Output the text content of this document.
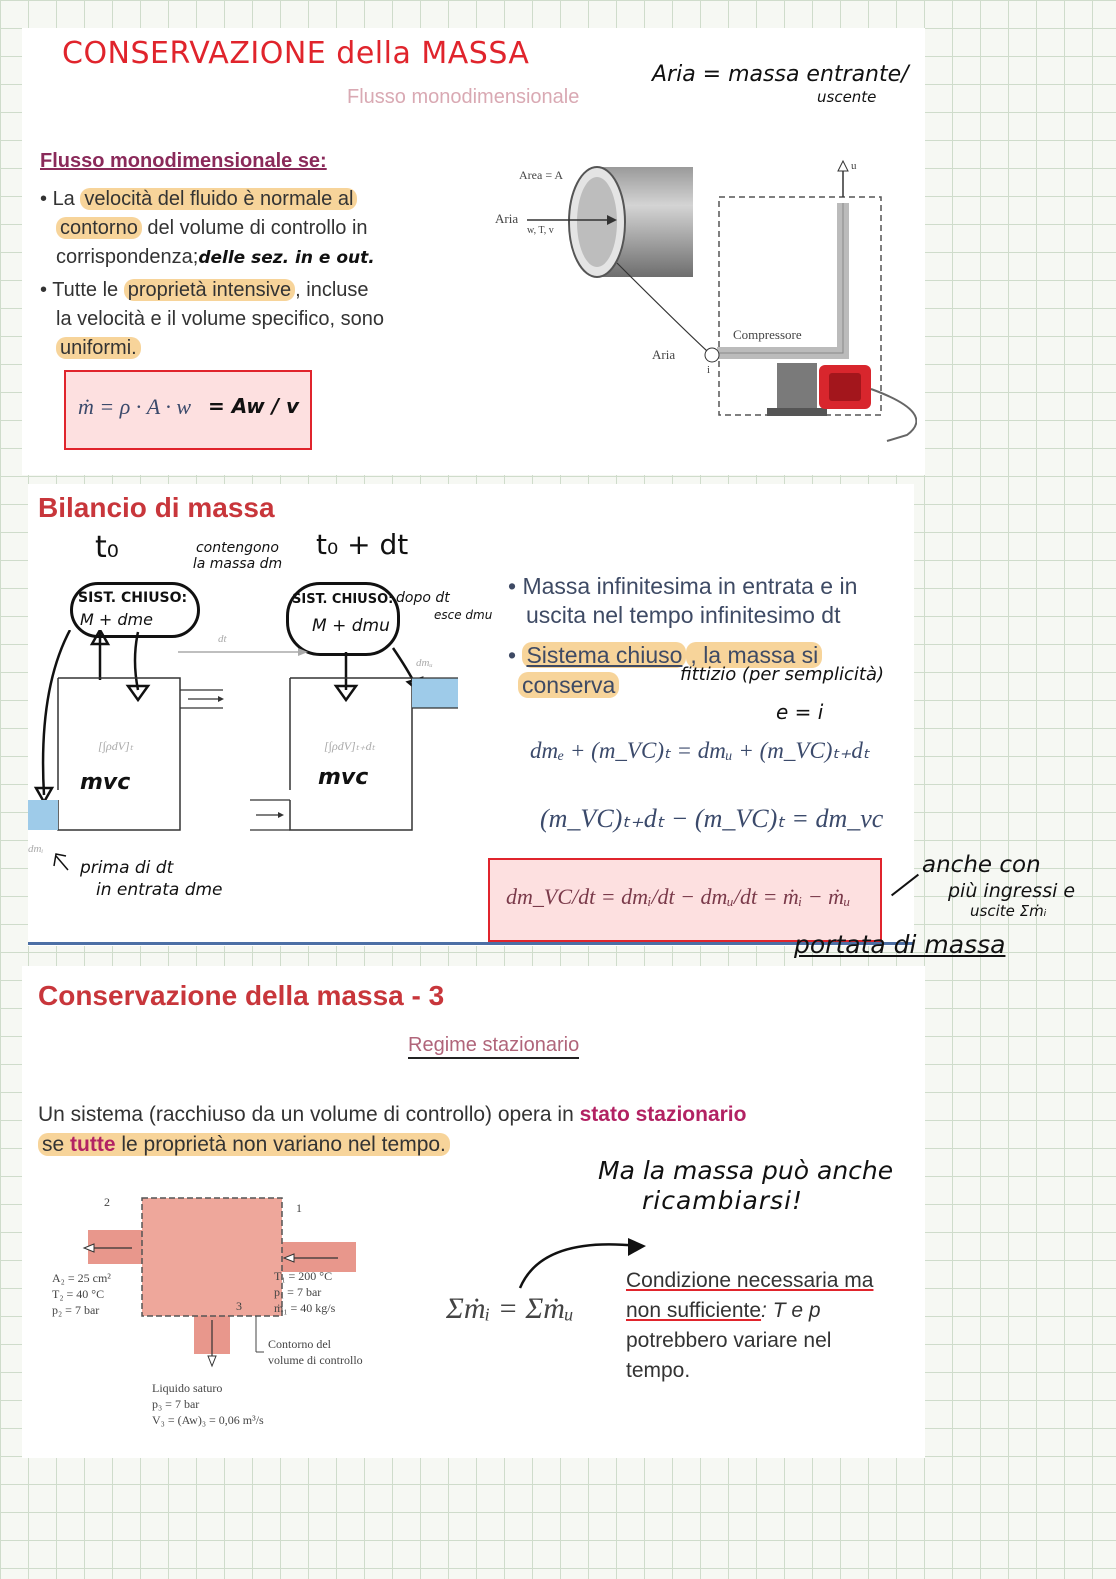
CONSERVAZIONE della MASSA
Flusso monodimensionale
Aria = massa entrante/
uscente
Flusso monodimensionale se:
• La velocità del fluido è normale al
contorno del volume di controllo in
corrispondenza;delle sez. in e out.
• Tutte le proprietà intensive , incluse
la velocità e il volume specifico, sono
uniformi.
ṁ = ρ · A · w = Aw / v
Area = A
Aria
w, T, v
u
Compressore
Aria
i
Bilancio di massa
t₀	t₀ + dt
contengono la massa dm
SIST. CHIUSO:
M + dme
SIST. CHIUSO:
M + dmu
dopo dt
esce dmu
dt
[∫ρdV]ₜ
dmᵢ
[∫ρdV]ₜ₊dₜ
dmᵤ
mvc	mvc
prima di dt
in entrata dme
• Massa infinitesima in entrata e in
uscita nel tempo infinitesimo dt
• Sistema chiuso , la massa si
conserva	fittizio (per semplicità)
e = i
dmₑ + (m_VC)ₜ = dmᵤ + (m_VC)ₜ₊dₜ
(m_VC)ₜ₊dₜ − (m_VC)ₜ = dm_vc
dm_VC/dt = dmᵢ/dt − dmᵤ/dt = ṁᵢ − ṁᵤ
anche con
più ingressi e
uscite Σṁᵢ
portata di massa
Conservazione della massa - 3
Regime stazionario
Un sistema (racchiuso da un volume di controllo) opera in stato stazionario
se tutte le proprietà non variano nel tempo.
Ma la massa può anche
ricambiarsi!
Σṁᵢ = Σṁᵤ
Condizione necessaria ma
non sufficiente: T e p
potrebbero variare nel
tempo.
2	1
3
A₂ = 25 cm²
T₂ = 40 °C
p₂ = 7 bar
T₁ = 200 °C
p₁ = 7 bar
ṁ₁ = 40 kg/s
Contorno del
volume di controllo
Liquido saturo
p₃ = 7 bar
V₃ = (Aw)₃ = 0,06 m³/s
